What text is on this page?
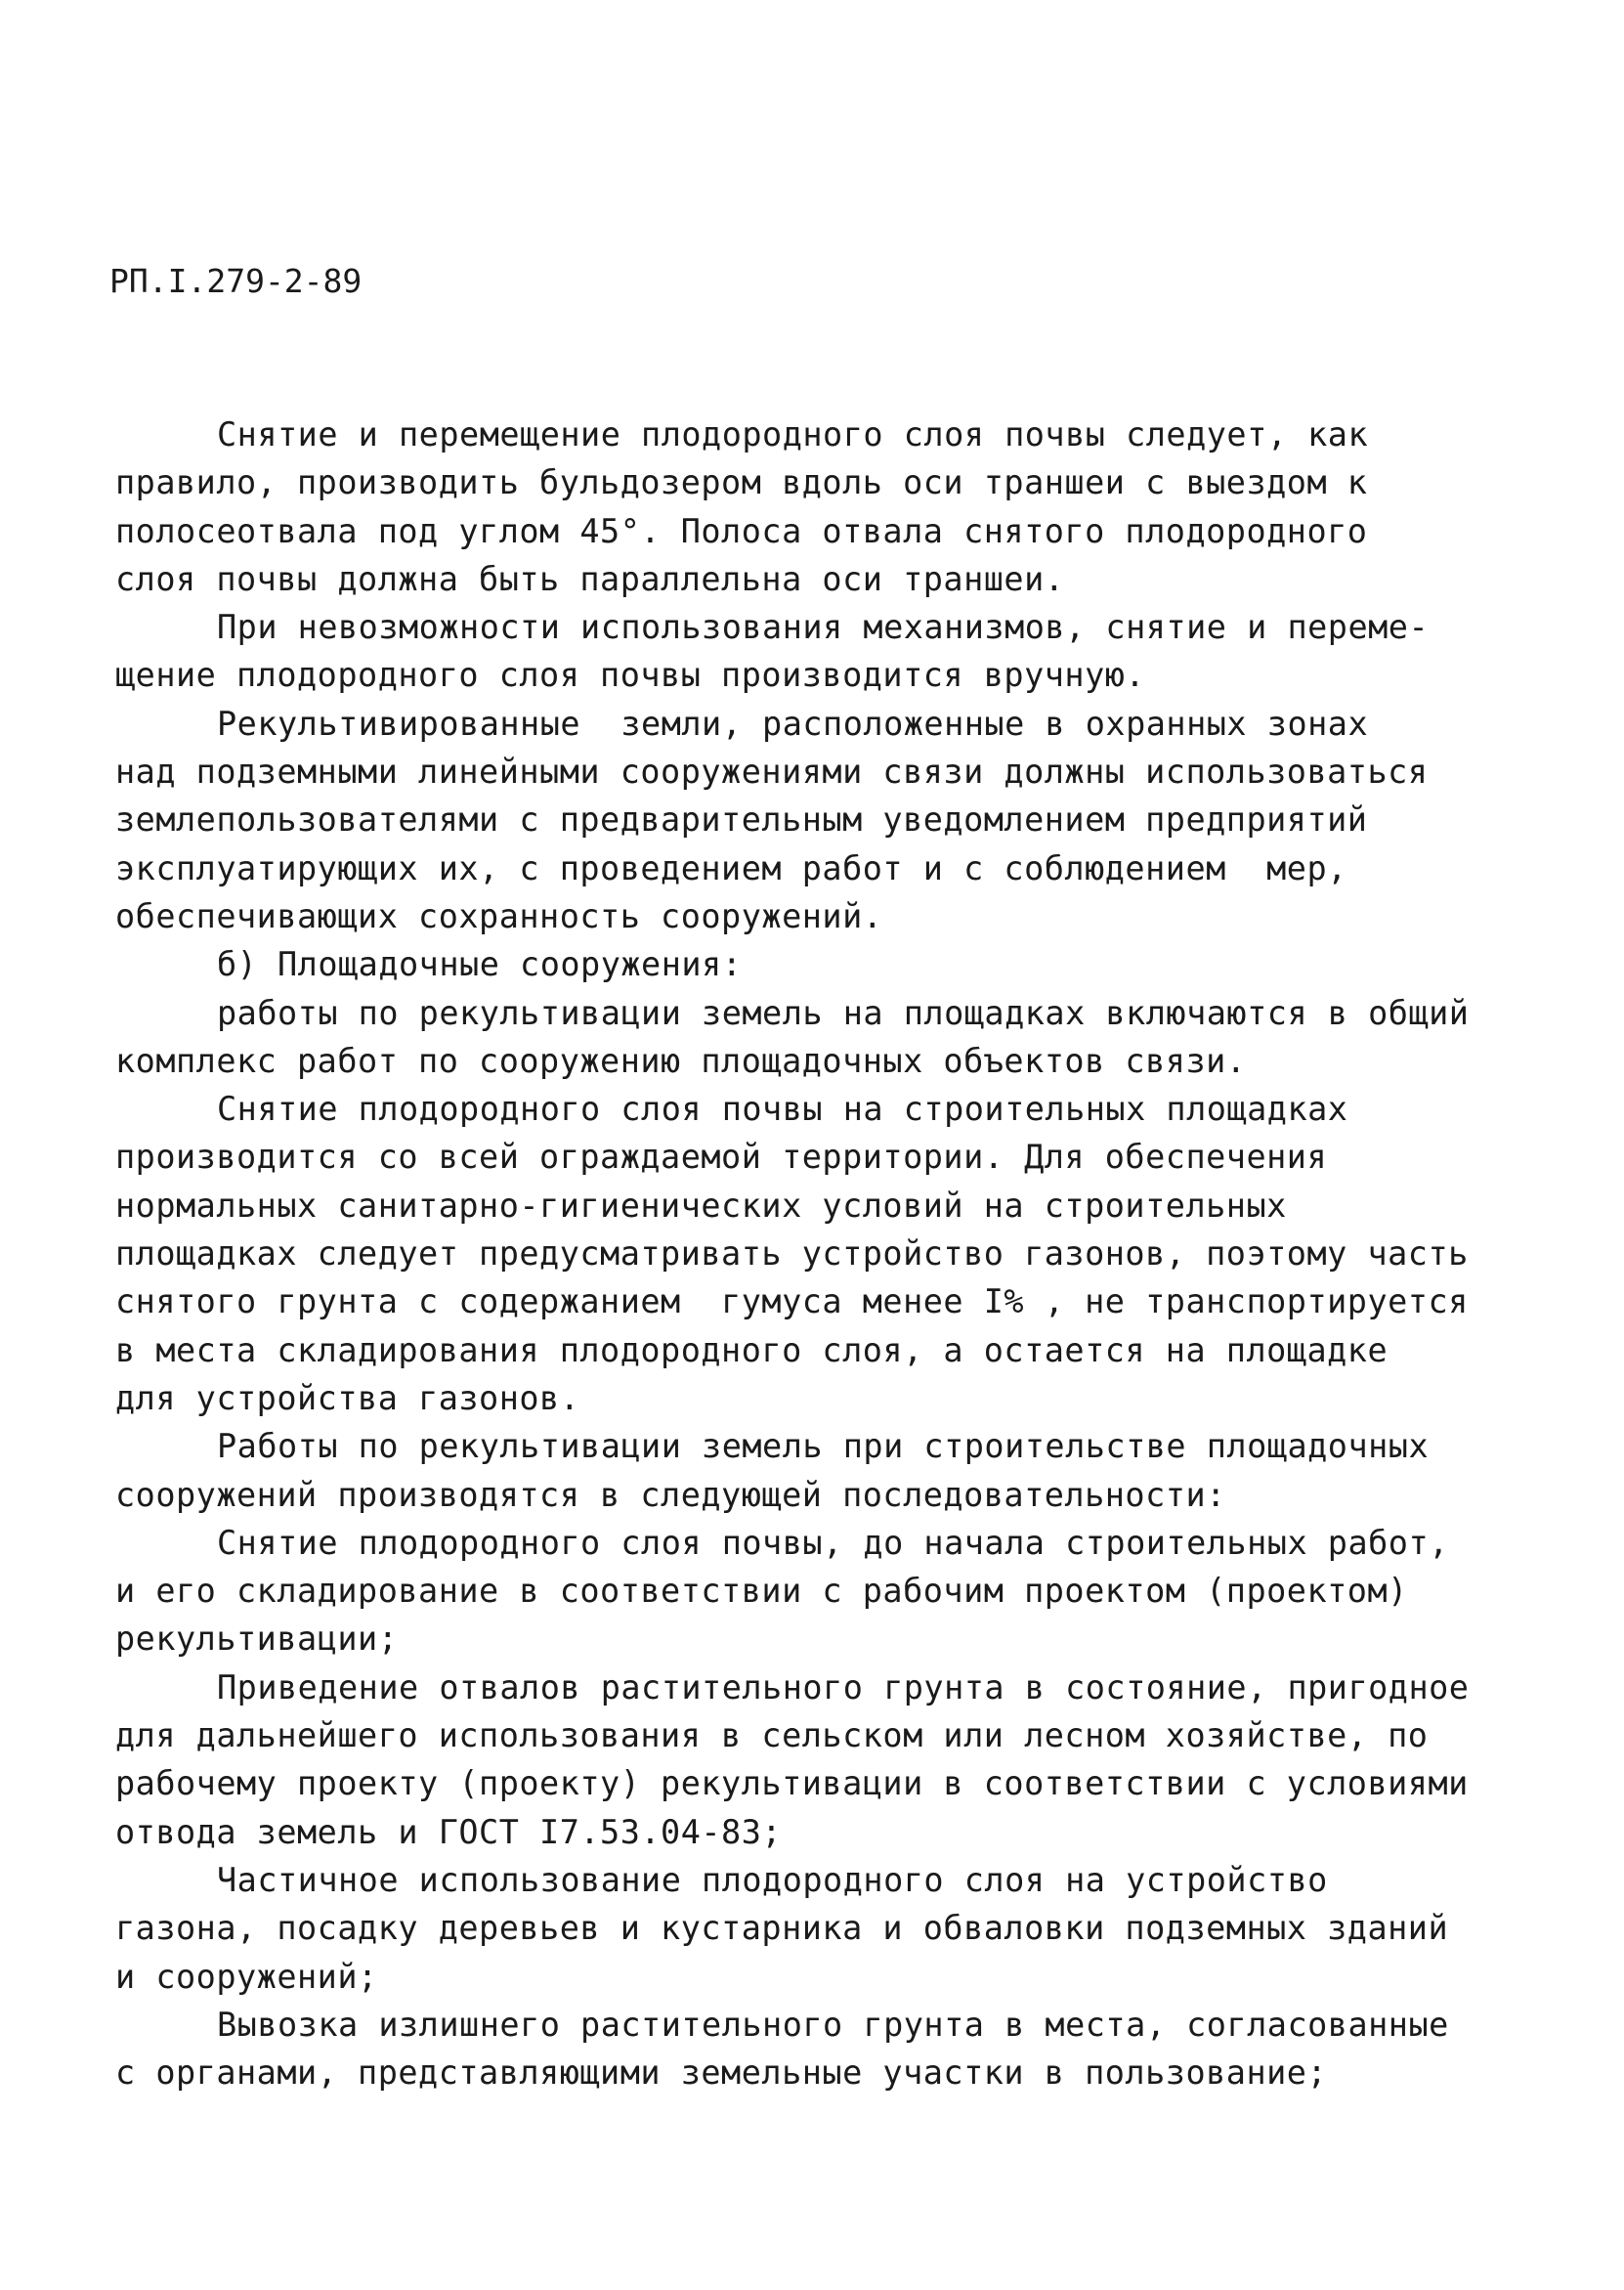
РП.I.279-2-89
Снятие и перемещение плодородного слоя почвы следует, как
правило, производить бульдозером вдоль оси траншеи с выездом к
полосеотвала под углом 45°. Полоса отвала снятого плодородного
слоя почвы должна быть параллельна оси траншеи.
При невозможности использования механизмов, снятие и переме-
щение плодородного слоя почвы производится вручную.
Рекультивированные  земли, расположенные в охранных зонах
над подземными линейными сооружениями связи должны использоваться
землепользователями с предварительным уведомлением предприятий
эксплуатирующих их, с проведением работ и с соблюдением  мер,
обеспечивающих сохранность сооружений.
б) Площадочные сооружения:
работы по рекультивации земель на площадках включаются в общий
комплекс работ по сооружению площадочных объектов связи.
Снятие плодородного слоя почвы на строительных площадках
производится со всей ограждаемой территории. Для обеспечения
нормальных санитарно-гигиенических условий на строительных
площадках следует предусматривать устройство газонов, поэтому часть
снятого грунта с содержанием  гумуса менее I% , не транспортируется
в места складирования плодородного слоя, а остается на площадке
для устройства газонов.
Работы по рекультивации земель при строительстве площадочных
сооружений производятся в следующей последовательности:
Снятие плодородного слоя почвы, до начала строительных работ,
и его складирование в соответствии с рабочим проектом (проектом)
рекультивации;
Приведение отвалов растительного грунта в состояние, пригодное
для дальнейшего использования в сельском или лесном хозяйстве, по
рабочему проекту (проекту) рекультивации в соответствии с условиями
отвода земель и ГОСТ I7.53.04-83;
Частичное использование плодородного слоя на устройство
газона, посадку деревьев и кустарника и обваловки подземных зданий
и сооружений;
Вывозка излишнего растительного грунта в места, согласованные
с органами, представляющими земельные участки в пользование;
